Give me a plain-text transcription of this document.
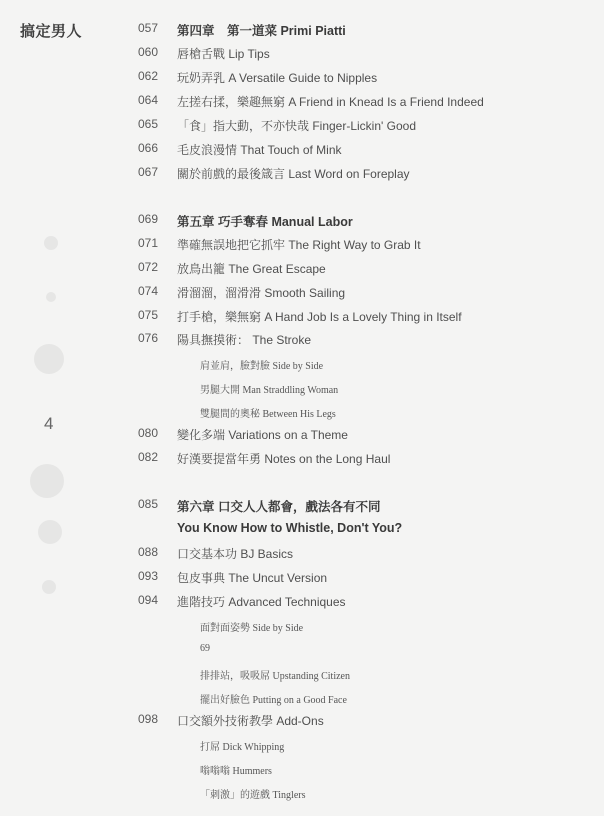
搞定男人
4
057	第四章　第一道菜 Primi Piatti
060	唇槍舌戰 Lip Tips
062	玩奶弄乳 A Versatile Guide to Nipples
064	左搓右揉，樂趣無窮 A Friend in Knead Is a Friend Indeed
065	「食」指大動，不亦快哉 Finger-Lickin' Good
066	毛皮浪漫情 That Touch of Mink
067	關於前戲的最後箴言 Last Word on Foreplay
069	第五章 巧手奪春 Manual Labor
071	準確無誤地把它抓牢 The Right Way to Grab It
072	放鳥出籠 The Great Escape
074	滑溜溜，溜滑滑 Smooth Sailing
075	打手槍，樂無窮 A Hand Job Is a Lovely Thing in Itself
076	陽具撫摸術： The Stroke
肩並肩，臉對臉 Side by Side
男腿大開 Man Straddling Woman
雙腿間的奧秘 Between His Legs
080	變化多端 Variations on a Theme
082	好漢要提當年勇 Notes on the Long Haul
085	第六章 口交人人都會，戲法各有不同
You Know How to Whistle, Don't You?
088	口交基本功 BJ Basics
093	包皮事典 The Uncut Version
094	進階技巧 Advanced Techniques
面對面姿勢 Side by Side
69
排排站，吸吸屌 Upstanding Citizen
擺出好臉色 Putting on a Good Face
098	口交額外技術教學 Add-Ons
打屌 Dick Whipping
嗡嗡嗡 Hummers
「刺激」的遊戲 Tinglers
